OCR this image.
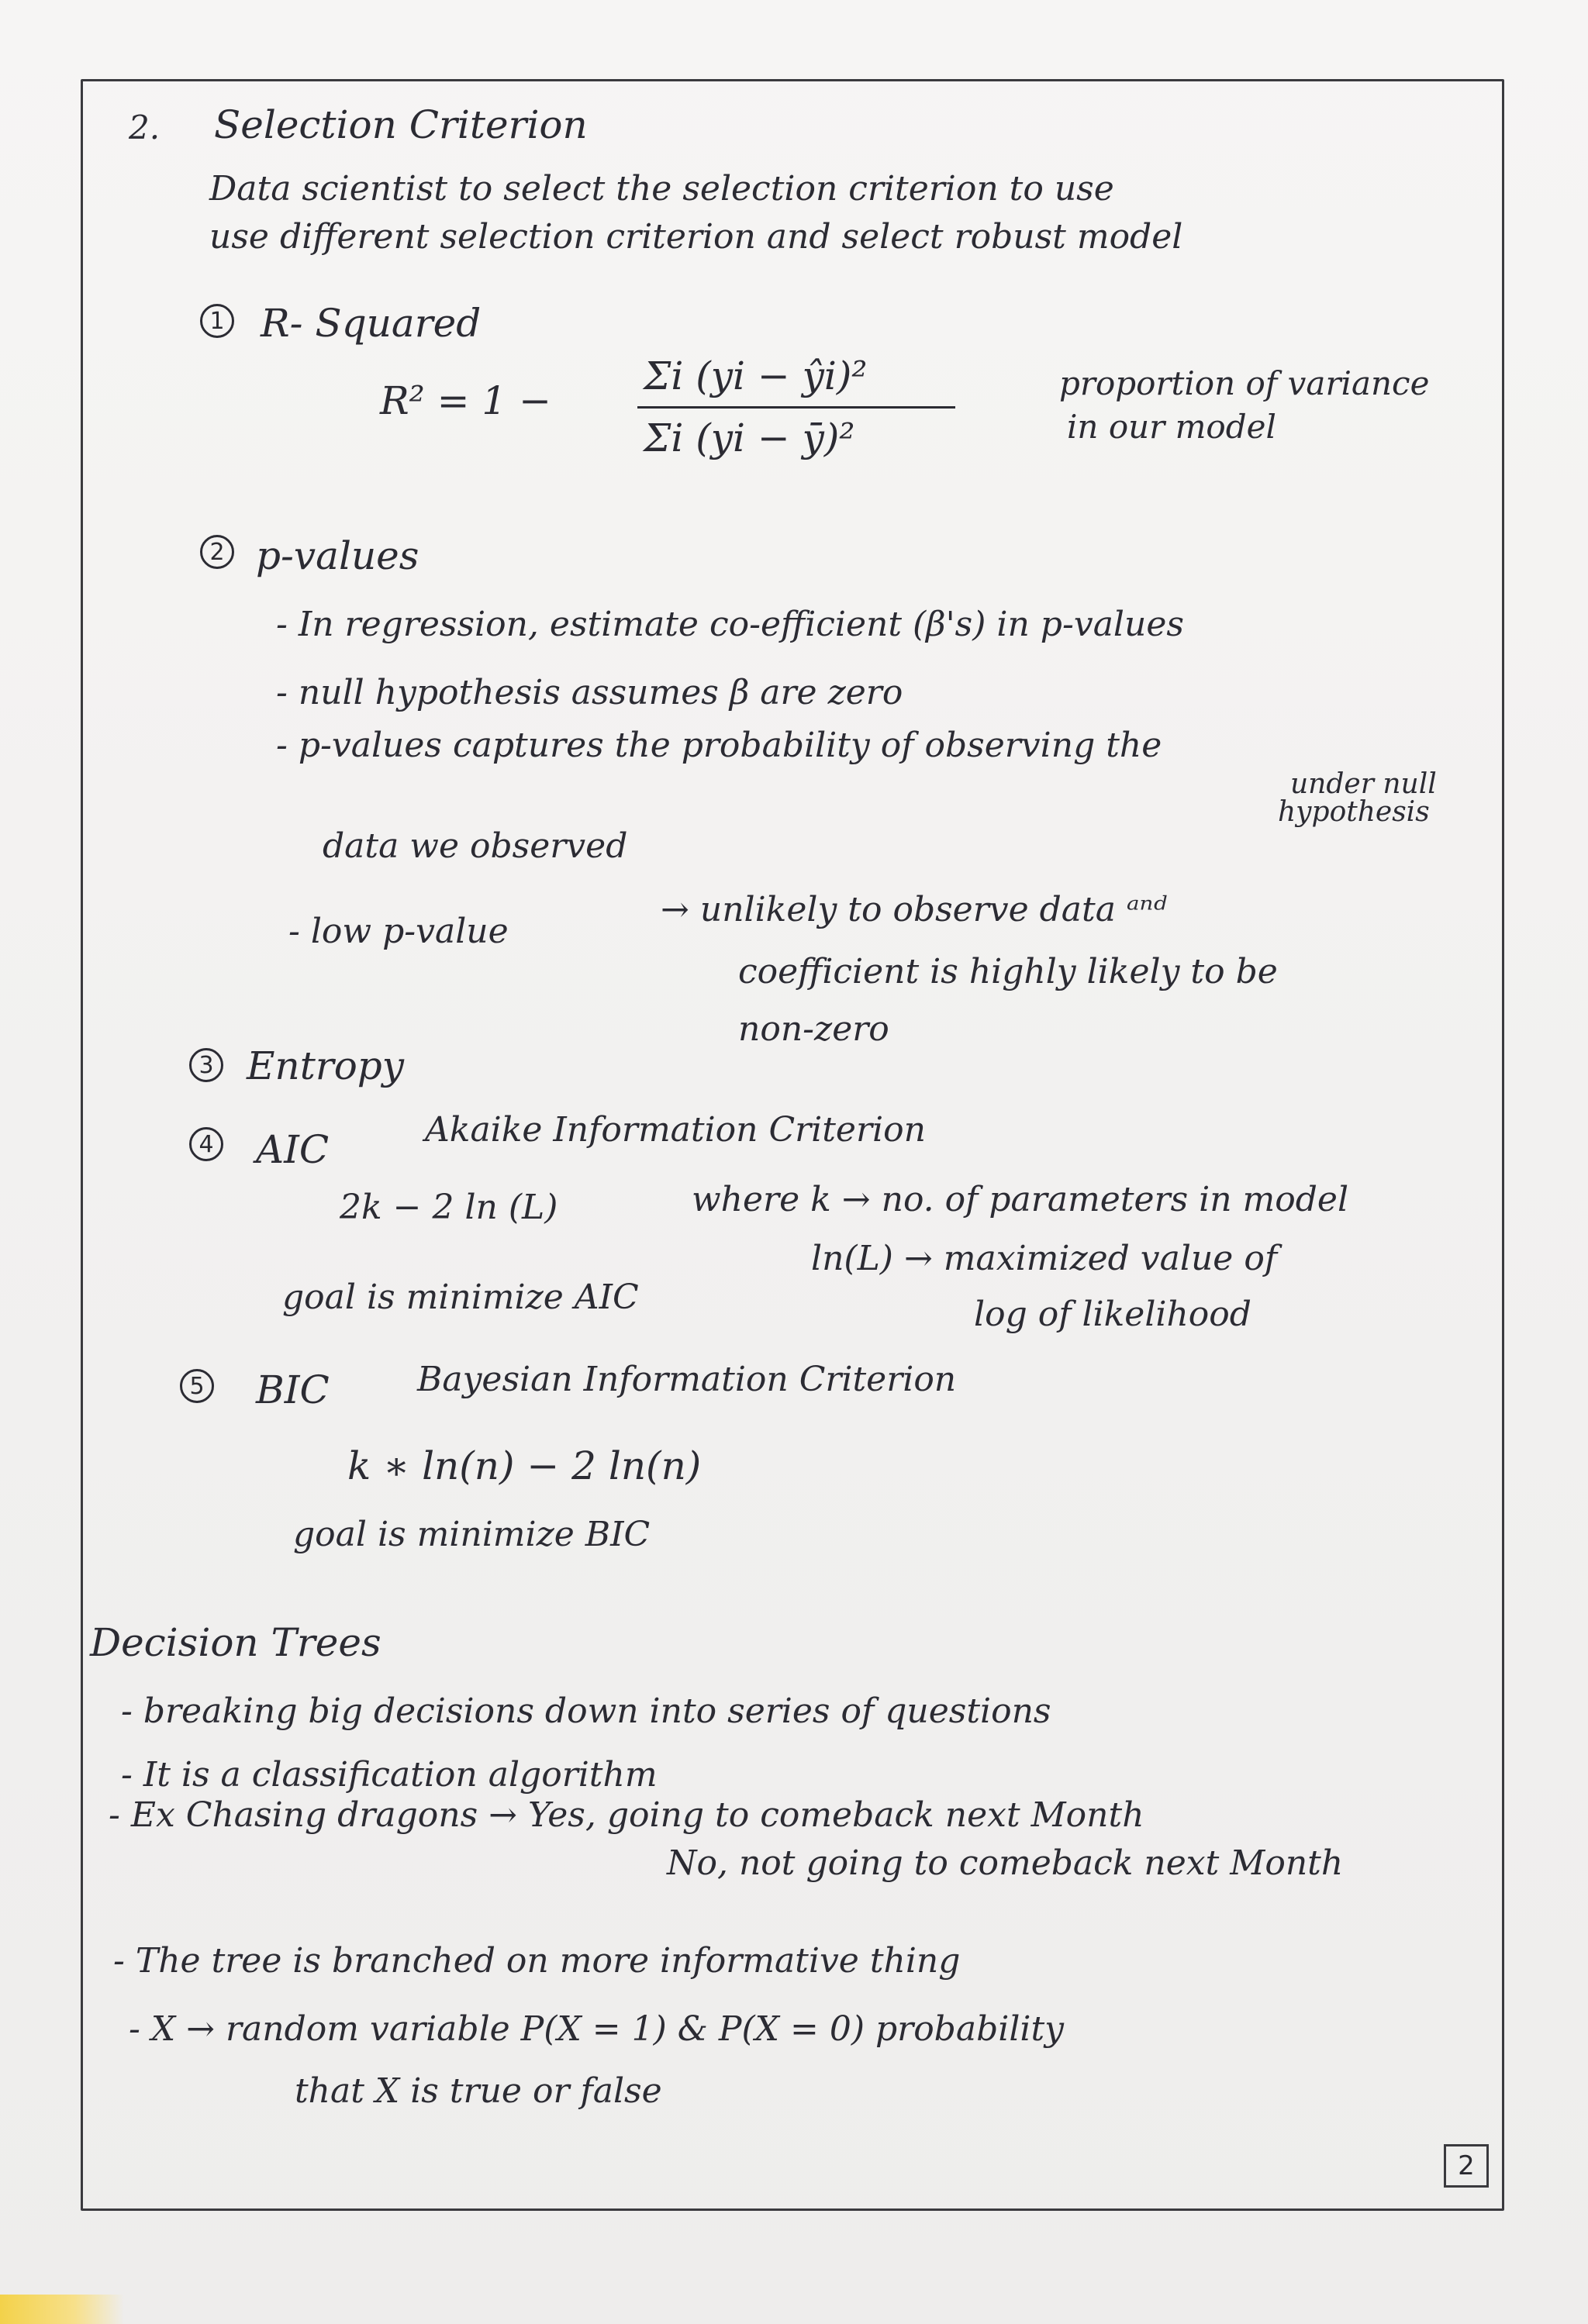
2. Selection Criterion
Data scientist to select the selection criterion to use
use different selection criterion and select robust model
1 R- Squared
R² = 1 −
Σi (yi − ŷi)²
Σi (yi − ȳ)²
proportion of variance
in our model
2 p-values
- In regression, estimate co-efficient (β's) in p-values
- null hypothesis assumes β are zero
- p-values captures the probability of observing the
under null
hypothesis
data we observed
- low p-value
→ unlikely to observe data ᵃⁿᵈ
coefficient is highly likely to be
non-zero
3 Entropy
4 AIC	Akaike Information Criterion
2k − 2 ln (L)	where k → no. of parameters in model
ln(L) → maximized value of
goal is minimize AIC	log of likelihood
5 BIC	Bayesian Information Criterion
k ∗ ln(n) − 2 ln(n)
goal is minimize BIC
Decision Trees
- breaking big decisions down into series of questions
- It is a classification algorithm
- Ex Chasing dragons → Yes, going to comeback next Month
No, not going to comeback next Month
- The tree is branched on more informative thing
- X → random variable P(X = 1) & P(X = 0) probability
that X is true or false
2
